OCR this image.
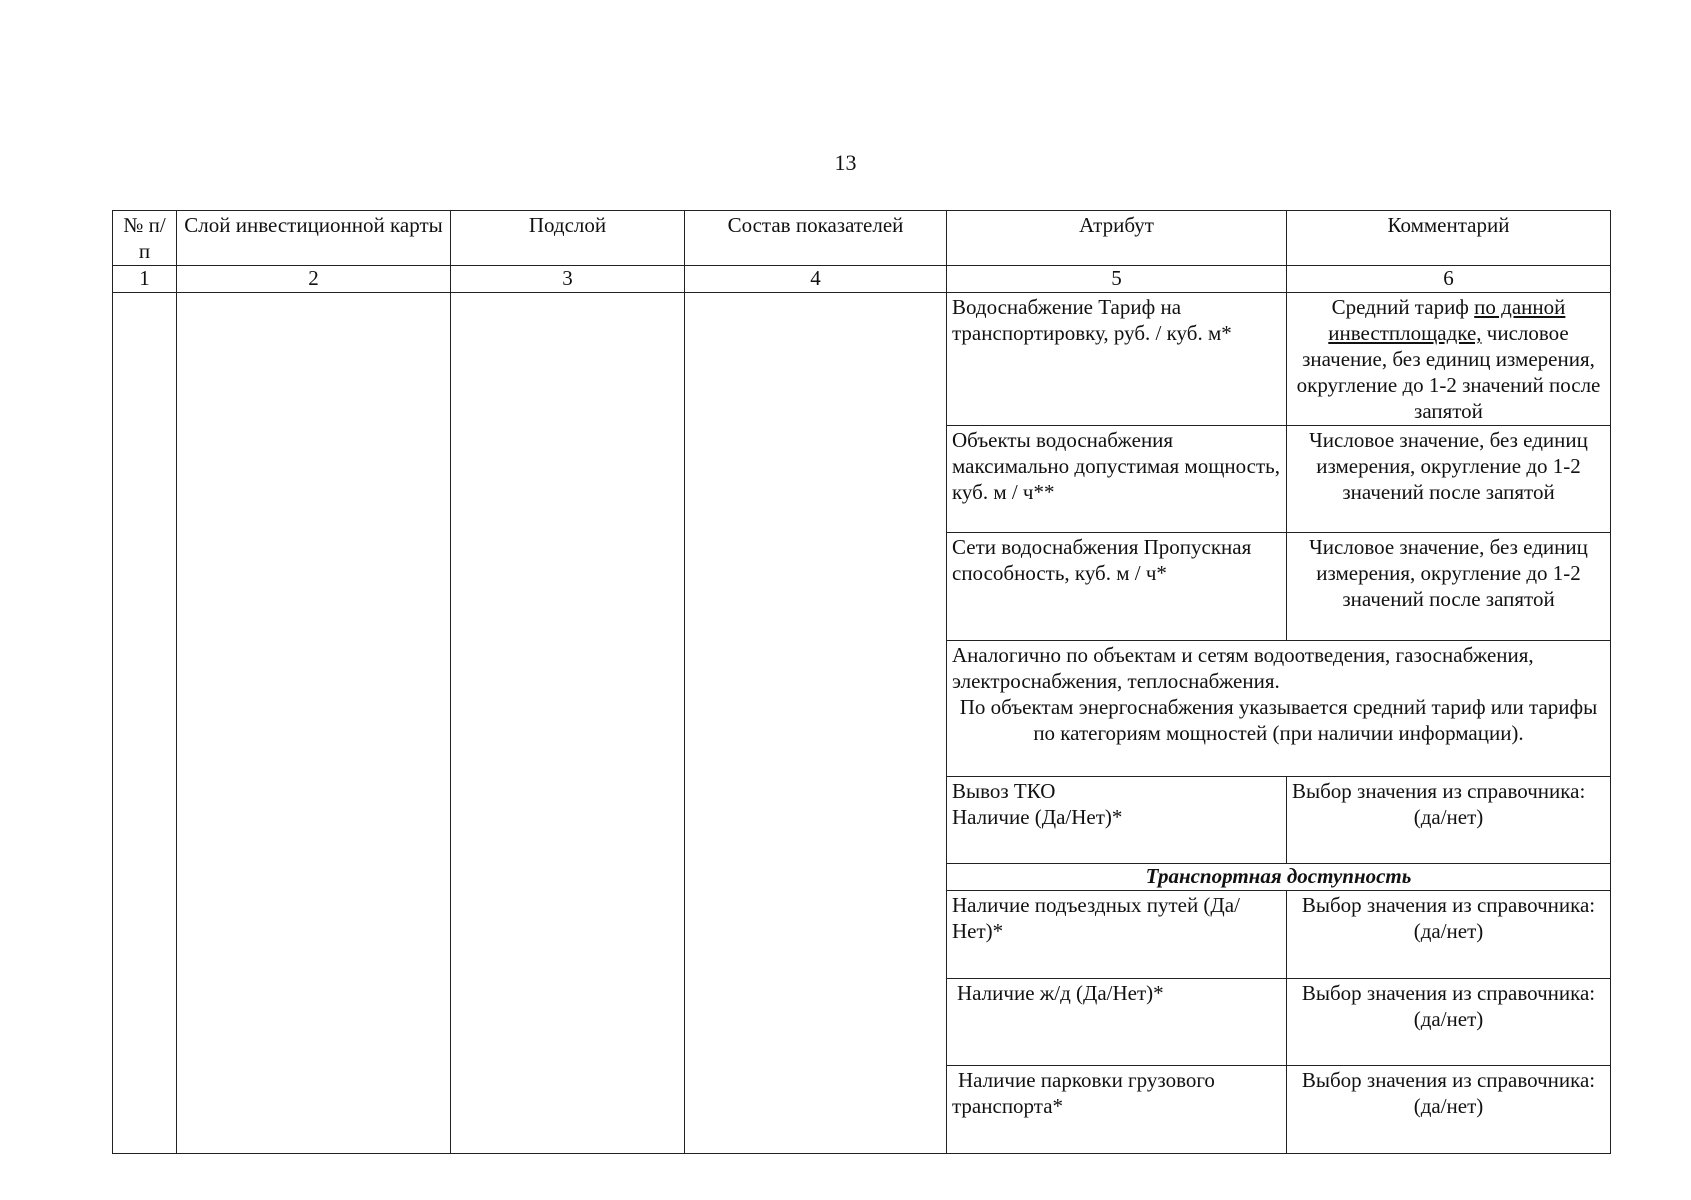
13
№ п/п	Слой инвестиционной карты	Подслой	Состав показателей	Атрибут	Комментарий
1	2	3	4	5	6
				Водоснабжение Тариф на транспортировку, руб. / куб. м*	Средний тариф по данной инвестплощадке, числовое значение, без единиц измерения, округление до 1-2 значений после запятой
				Объекты водоснабжения максимально допустимая мощность, куб. м / ч**	Числовое значение, без единиц измерения, округление до 1-2 значений после запятой
				Сети водоснабжения Пропускная способность, куб. м / ч*	Числовое значение, без единиц измерения, округление до 1-2 значений после запятой

				Аналогично по объектам и сетям водоотведения, газоснабжения, электроснабжения, теплоснабжения.
По объектам энергоснабжения указывается средний тариф или тарифы по категориям мощностей (при наличии информации).	

				Вывоз ТКО
Наличие (Да/Нет)*	Выбор значения из справочника:
(да/нет)

				Транспортная доступность	
				Наличие подъездных путей (Да/Нет)*	Выбор значения из справочника:
(да/нет)

				Наличие ж/д (Да/Нет)*	Выбор значения из справочника:
(да/нет)

				Наличие парковки грузового
транспорта*	Выбор значения из справочника:
(да/нет)
